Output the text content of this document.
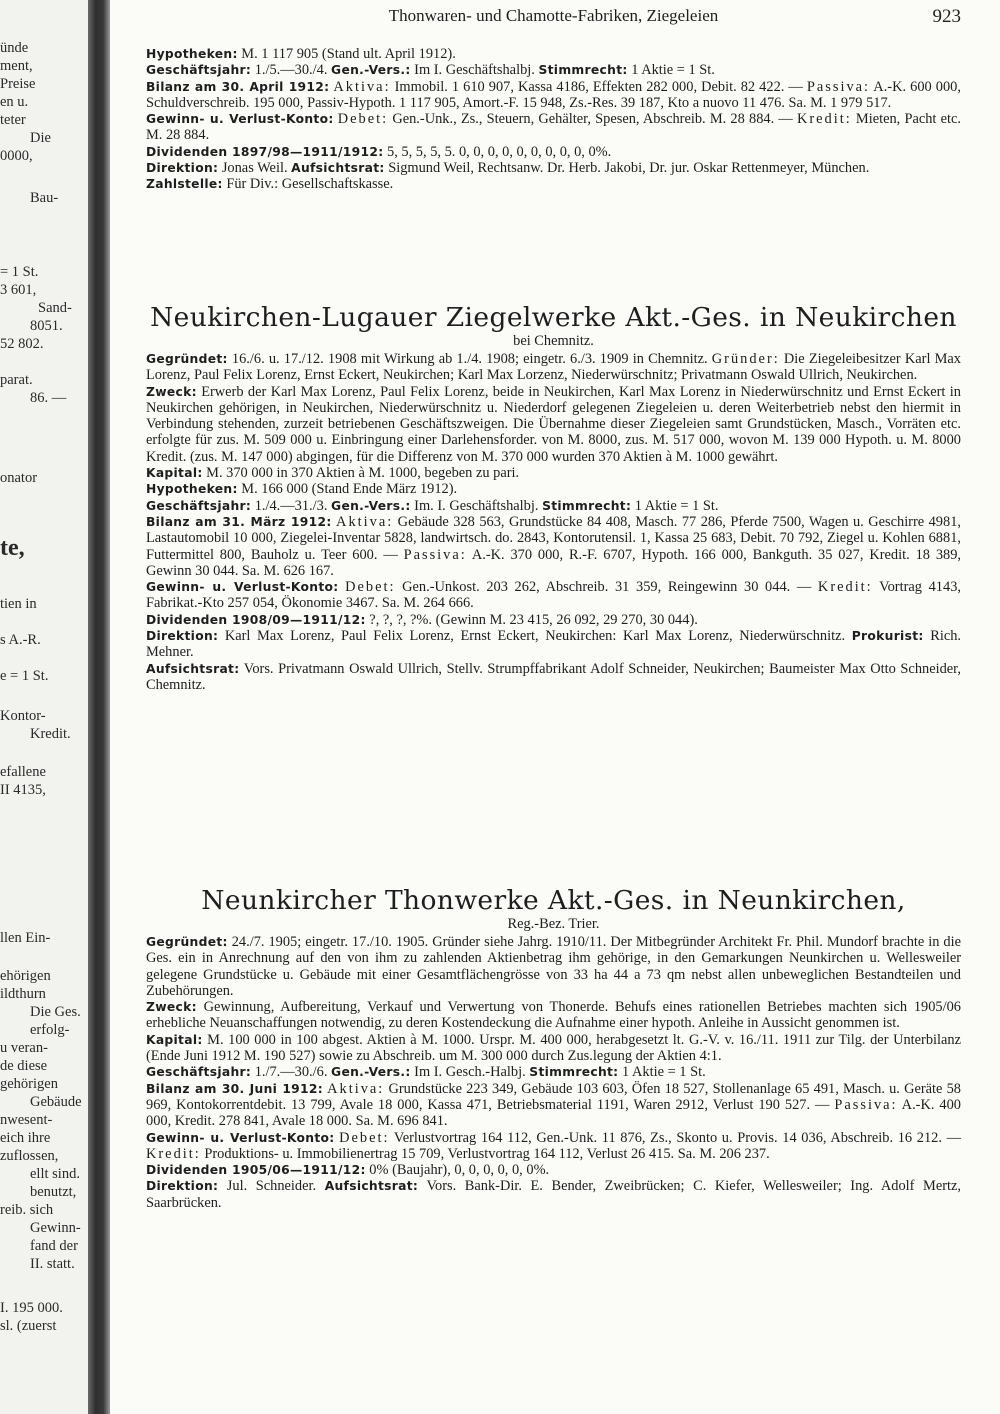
ünde
ment,
Preise
en u.
teter
Die
0000,
Bau-
= 1 St.
3 601,
Sand-
8051.
52 802.
parat.
86. —
onator
te,
tien in
s A.-R.
e = 1 St.
Kontor-
Kredit.
efallene
II 4135,
llen Ein-
ehörigen
ildthurn
Die Ges.
erfolg-
u veran-
de diese
gehörigen
Gebäude
nwesent-
eich ihre
zuflossen,
ellt sind.
benutzt,
reib. sich
Gewinn-
fand der
II. statt.
I. 195 000.
sl. (zuerst
Thonwaren- und Chamotte-Fabriken, Ziegeleien	923

Hypotheken: M. 1 117 905 (Stand ult. April 1912).

Geschäftsjahr: 1./5.—30./4. Gen.-Vers.: Im I. Geschäftshalbj. Stimmrecht: 1 Aktie = 1 St.

Bilanz am 30. April 1912: Aktiva: Immobil. 1 610 907, Kassa 4186, Effekten 282 000, Debit. 82 422. — Passiva: A.-K. 600 000, Schuldverschreib. 195 000, Passiv-Hypoth. 1 117 905, Amort.-F. 15 948, Zs.-Res. 39 187, Kto a nuovo 11 476. Sa. M. 1 979 517.

Gewinn- u. Verlust-Konto: Debet: Gen.-Unk., Zs., Steuern, Gehälter, Spesen, Abschreib. M. 28 884. — Kredit: Mieten, Pacht etc. M. 28 884.

Dividenden 1897/98—1911/1912: 5, 5, 5, 5, 5. 0, 0, 0, 0, 0, 0, 0, 0, 0, 0%.

Direktion: Jonas Weil. Aufsichtsrat: Sigmund Weil, Rechtsanw. Dr. Herb. Jakobi, Dr. jur. Oskar Rettenmeyer, München.

Zahlstelle: Für Div.: Gesellschaftskasse.

Neukirchen-Lugauer Ziegelwerke Akt.-Ges. in Neukirchen

bei Chemnitz.

Gegründet: 16./6. u. 17./12. 1908 mit Wirkung ab 1./4. 1908; eingetr. 6./3. 1909 in Chemnitz. Gründer: Die Ziegeleibesitzer Karl Max Lorenz, Paul Felix Lorenz, Ernst Eckert, Neukirchen; Karl Max Lorzenz, Niederwürschnitz; Privatmann Oswald Ullrich, Neukirchen.

Zweck: Erwerb der Karl Max Lorenz, Paul Felix Lorenz, beide in Neukirchen, Karl Max Lorenz in Niederwürschnitz und Ernst Eckert in Neukirchen gehörigen, in Neukirchen, Niederwürschnitz u. Niederdorf gelegenen Ziegeleien u. deren Weiterbetrieb nebst den hiermit in Verbindung stehenden, zurzeit betriebenen Geschäftszweigen. Die Übernahme dieser Ziegeleien samt Grundstücken, Masch., Vorräten etc. erfolgte für zus. M. 509 000 u. Einbringung einer Darlehensforder. von M. 8000, zus. M. 517 000, wovon M. 139 000 Hypoth. u. M. 8000 Kredit. (zus. M. 147 000) abgingen, für die Differenz von M. 370 000 wurden 370 Aktien à M. 1000 gewährt.

Kapital: M. 370 000 in 370 Aktien à M. 1000, begeben zu pari.

Hypotheken: M. 166 000 (Stand Ende März 1912).

Geschäftsjahr: 1./4.—31./3. Gen.-Vers.: Im. I. Geschäftshalbj. Stimmrecht: 1 Aktie = 1 St.

Bilanz am 31. März 1912: Aktiva: Gebäude 328 563, Grundstücke 84 408, Masch. 77 286, Pferde 7500, Wagen u. Geschirre 4981, Lastautomobil 10 000, Ziegelei-Inventar 5828, landwirtsch. do. 2843, Kontorutensil. 1, Kassa 25 683, Debit. 70 792, Ziegel u. Kohlen 6881, Futtermittel 800, Bauholz u. Teer 600. — Passiva: A.-K. 370 000, R.-F. 6707, Hypoth. 166 000, Bankguth. 35 027, Kredit. 18 389, Gewinn 30 044. Sa. M. 626 167.

Gewinn- u. Verlust-Konto: Debet: Gen.-Unkost. 203 262, Abschreib. 31 359, Reingewinn 30 044. — Kredit: Vortrag 4143, Fabrikat.-Kto 257 054, Ökonomie 3467. Sa. M. 264 666.

Dividenden 1908/09—1911/12: ?, ?, ?, ?%. (Gewinn M. 23 415, 26 092, 29 270, 30 044).

Direktion: Karl Max Lorenz, Paul Felix Lorenz, Ernst Eckert, Neukirchen: Karl Max Lorenz, Niederwürschnitz. Prokurist: Rich. Mehner.

Aufsichtsrat: Vors. Privatmann Oswald Ullrich, Stellv. Strumpffabrikant Adolf Schneider, Neukirchen; Baumeister Max Otto Schneider, Chemnitz.

Neunkircher Thonwerke Akt.-Ges. in Neunkirchen,

Reg.-Bez. Trier.

Gegründet: 24./7. 1905; eingetr. 17./10. 1905. Gründer siehe Jahrg. 1910/11. Der Mitbegründer Architekt Fr. Phil. Mundorf brachte in die Ges. ein in Anrechnung auf den von ihm zu zahlenden Aktienbetrag ihm gehörige, in den Gemarkungen Neunkirchen u. Wellesweiler gelegene Grundstücke u. Gebäude mit einer Gesamtflächengrösse von 33 ha 44 a 73 qm nebst allen unbeweglichen Bestandteilen und Zubehörungen.

Zweck: Gewinnung, Aufbereitung, Verkauf und Verwertung von Thonerde. Behufs eines rationellen Betriebes machten sich 1905/06 erhebliche Neuanschaffungen notwendig, zu deren Kostendeckung die Aufnahme einer hypoth. Anleihe in Aussicht genommen ist.

Kapital: M. 100 000 in 100 abgest. Aktien à M. 1000. Urspr. M. 400 000, herabgesetzt lt. G.-V. v. 16./11. 1911 zur Tilg. der Unterbilanz (Ende Juni 1912 M. 190 527) sowie zu Abschreib. um M. 300 000 durch Zus.legung der Aktien 4:1.

Geschäftsjahr: 1./7.—30./6. Gen.-Vers.: Im I. Gesch.-Halbj. Stimmrecht: 1 Aktie = 1 St.

Bilanz am 30. Juni 1912: Aktiva: Grundstücke 223 349, Gebäude 103 603, Öfen 18 527, Stollenanlage 65 491, Masch. u. Geräte 58 969, Kontokorrentdebit. 13 799, Avale 18 000, Kassa 471, Betriebsmaterial 1191, Waren 2912, Verlust 190 527. — Passiva: A.-K. 400 000, Kredit. 278 841, Avale 18 000. Sa. M. 696 841.

Gewinn- u. Verlust-Konto: Debet: Verlustvortrag 164 112, Gen.-Unk. 11 876, Zs., Skonto u. Provis. 14 036, Abschreib. 16 212. — Kredit: Produktions- u. Immobilienertrag 15 709, Verlustvortrag 164 112, Verlust 26 415. Sa. M. 206 237.

Dividenden 1905/06—1911/12: 0% (Baujahr), 0, 0, 0, 0, 0, 0%.

Direktion: Jul. Schneider. Aufsichtsrat: Vors. Bank-Dir. E. Bender, Zweibrücken; C. Kiefer, Wellesweiler; Ing. Adolf Mertz, Saarbrücken.
